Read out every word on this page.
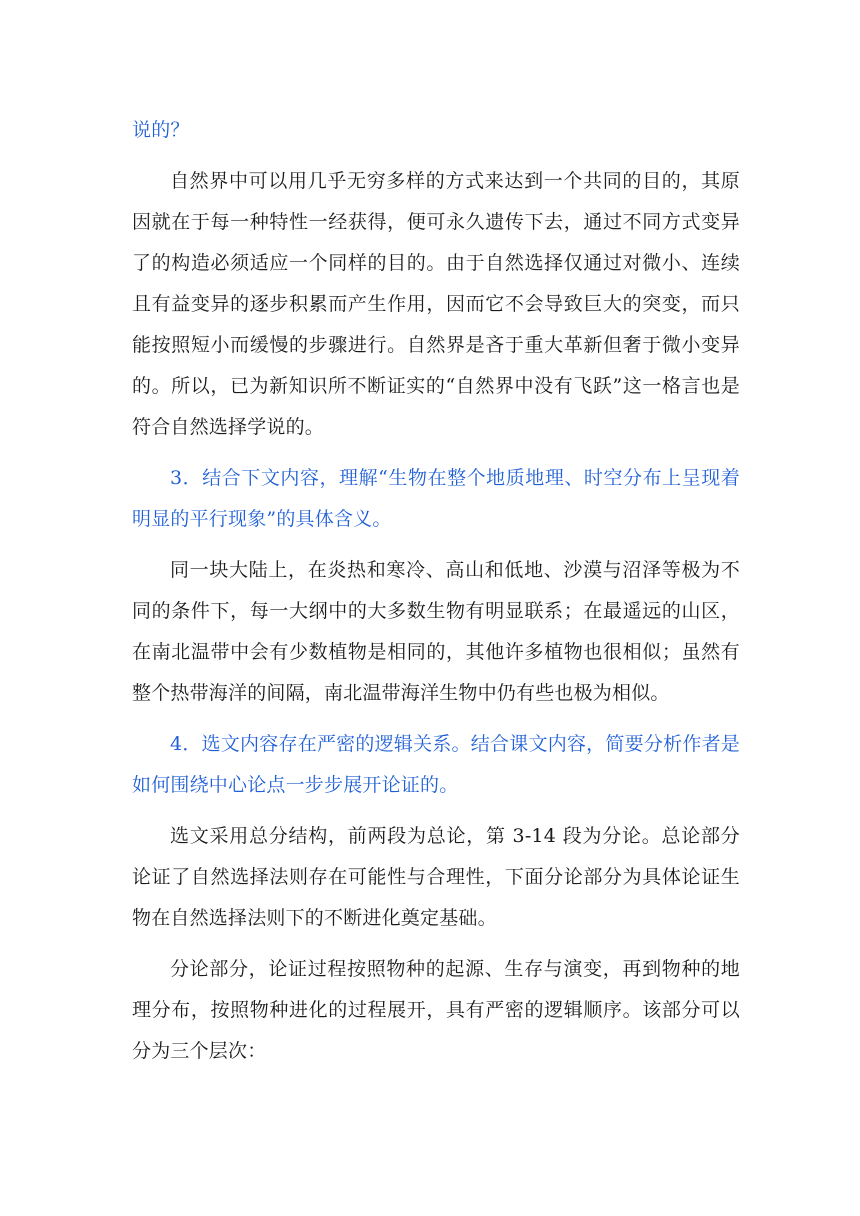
说的？

自然界中可以用几乎无穷多样的方式来达到一个共同的目的，其原因就在于每一种特性一经获得，便可永久遗传下去，通过不同方式变异了的构造必须适应一个同样的目的。由于自然选择仅通过对微小、连续且有益变异的逐步积累而产生作用，因而它不会导致巨大的突变，而只能按照短小而缓慢的步骤进行。自然界是吝于重大革新但奢于微小变异的。所以，已为新知识所不断证实的“自然界中没有飞跃”这一格言也是符合自然选择学说的。

3．结合下文内容，理解“生物在整个地质地理、时空分布上呈现着明显的平行现象”的具体含义。

同一块大陆上，在炎热和寒冷、高山和低地、沙漠与沼泽等极为不同的条件下，每一大纲中的大多数生物有明显联系；在最遥远的山区，在南北温带中会有少数植物是相同的，其他许多植物也很相似；虽然有整个热带海洋的间隔，南北温带海洋生物中仍有些也极为相似。

4．选文内容存在严密的逻辑关系。结合课文内容，简要分析作者是如何围绕中心论点一步步展开论证的。

选文采用总分结构，前两段为总论，第 3-14 段为分论。总论部分论证了自然选择法则存在可能性与合理性，下面分论部分为具体论证生物在自然选择法则下的不断进化奠定基础。

分论部分，论证过程按照物种的起源、生存与演变，再到物种的地理分布，按照物种进化的过程展开，具有严密的逻辑顺序。该部分可以分为三个层次：
